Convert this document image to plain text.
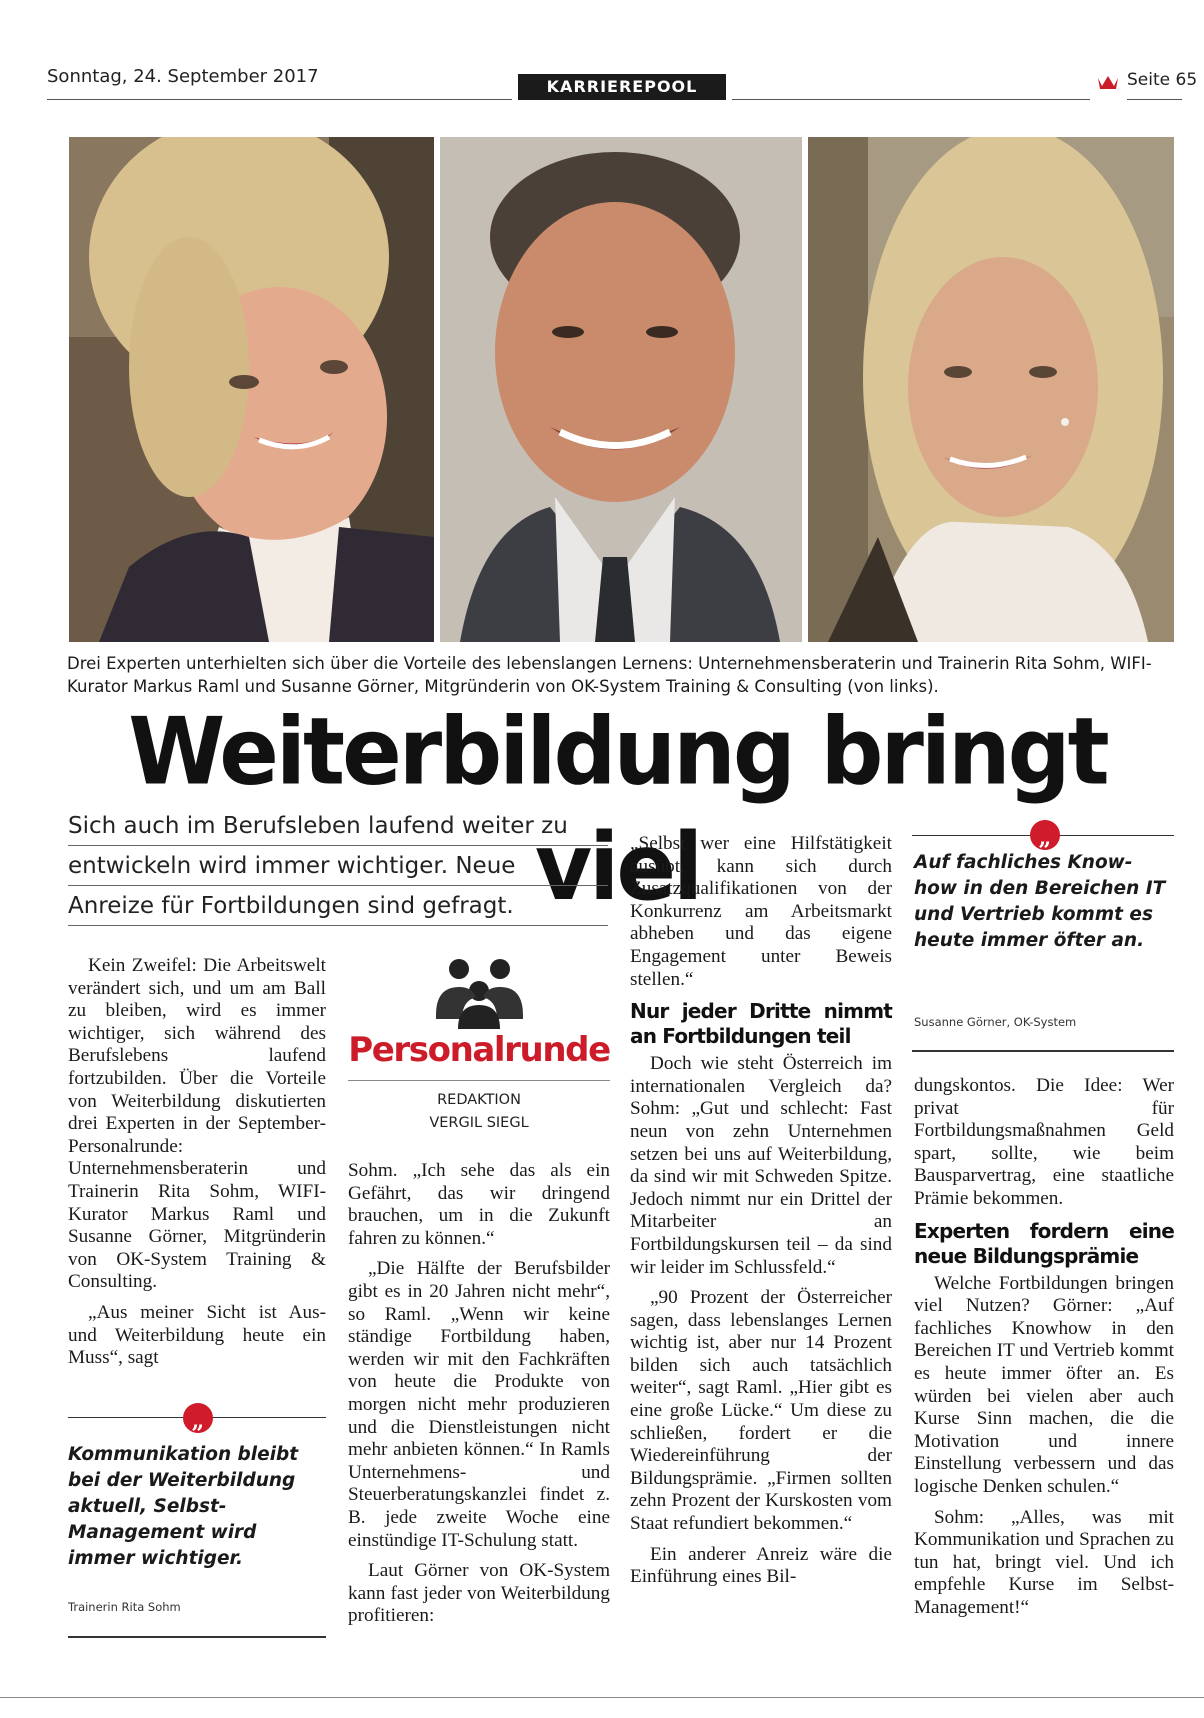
Sonntag, 24. September 2017	KARRIEREPOOL	Seite 65
Drei Experten unterhielten sich über die Vorteile des lebenslangen Lernens: Unternehmensberaterin und Trainerin Rita Sohm, WIFI-Kurator Markus Raml und Susanne Görner, Mitgründerin von OK-System Training & Consulting (von links).
Weiterbildung bringt viel
Sich auch im Berufsleben laufend weiter zu
entwickeln wird immer wichtiger. Neue
Anreize für Fortbildungen sind gefragt.

Kein Zweifel: Die Arbeitswelt verändert sich, und um am Ball zu bleiben, wird es immer wichtiger, sich während des Berufslebens laufend fortzubilden. Über die Vorteile von Weiterbildung diskutierten drei Experten in der September-Personalrunde: Unternehmensberaterin und Trainerin Rita Sohm, WIFI-Kurator Markus Raml und Susanne Görner, Mitgründerin von OK-System Training & Consulting.

„Aus meiner Sicht ist Aus- und Weiterbildung heute ein Muss“, sagt

„
Kommunikation bleibt bei der Weiterbildung aktuell, Selbst-Management wird immer wichtiger.
Trainerin Rita Sohm
Personalrunde
REDAKTION
VERGIL SIEGL

Sohm. „Ich sehe das als ein Gefährt, das wir dringend brauchen, um in die Zukunft fahren zu können.“

„Die Hälfte der Berufsbilder gibt es in 20 Jahren nicht mehr“, so Raml. „Wenn wir keine ständige Fortbildung haben, werden wir mit den Fachkräften von heute die Produkte von morgen nicht mehr produzieren und die Dienstleistungen nicht mehr anbieten können.“ In Ramls Unternehmens- und Steuerberatungskanzlei findet z. B. jede zweite Woche eine einstündige IT-Schulung statt.

Laut Görner von OK-System kann fast jeder von Weiterbildung profitieren:

„Selbst wer eine Hilfstätigkeit ausübt, kann sich durch Zusatzqualifikationen von der Konkurrenz am Arbeitsmarkt abheben und das eigene Engagement unter Beweis stellen.“

Nur jeder Dritte nimmt an Fortbildungen teil

Doch wie steht Österreich im internationalen Vergleich da? Sohm: „Gut und schlecht: Fast neun von zehn Unternehmen setzen bei uns auf Weiterbildung, da sind wir mit Schweden Spitze. Jedoch nimmt nur ein Drittel der Mitarbeiter an Fortbildungskursen teil – da sind wir leider im Schlussfeld.“

„90 Prozent der Österreicher sagen, dass lebenslanges Lernen wichtig ist, aber nur 14 Prozent bilden sich auch tatsächlich weiter“, sagt Raml. „Hier gibt es eine große Lücke.“ Um diese zu schließen, fordert er die Wiedereinführung der Bildungsprämie. „Firmen sollten zehn Prozent der Kurskosten vom Staat refundiert bekommen.“

Ein anderer Anreiz wäre die Einführung eines Bil-

„
Auf fachliches Know-how in den Bereichen IT und Vertrieb kommt es heute immer öfter an.
Susanne Görner, OK-System

dungskontos. Die Idee: Wer privat für Fortbildungsmaßnahmen Geld spart, sollte, wie beim Bausparvertrag, eine staatliche Prämie bekommen.

Experten fordern eine neue Bildungsprämie

Welche Fortbildungen bringen viel Nutzen? Görner: „Auf fachliches Knowhow in den Bereichen IT und Vertrieb kommt es heute immer öfter an. Es würden bei vielen aber auch Kurse Sinn machen, die die Motivation und innere Einstellung verbessern und das logische Denken schulen.“

Sohm: „Alles, was mit Kommunikation und Sprachen zu tun hat, bringt viel. Und ich empfehle Kurse im Selbst-Management!“
